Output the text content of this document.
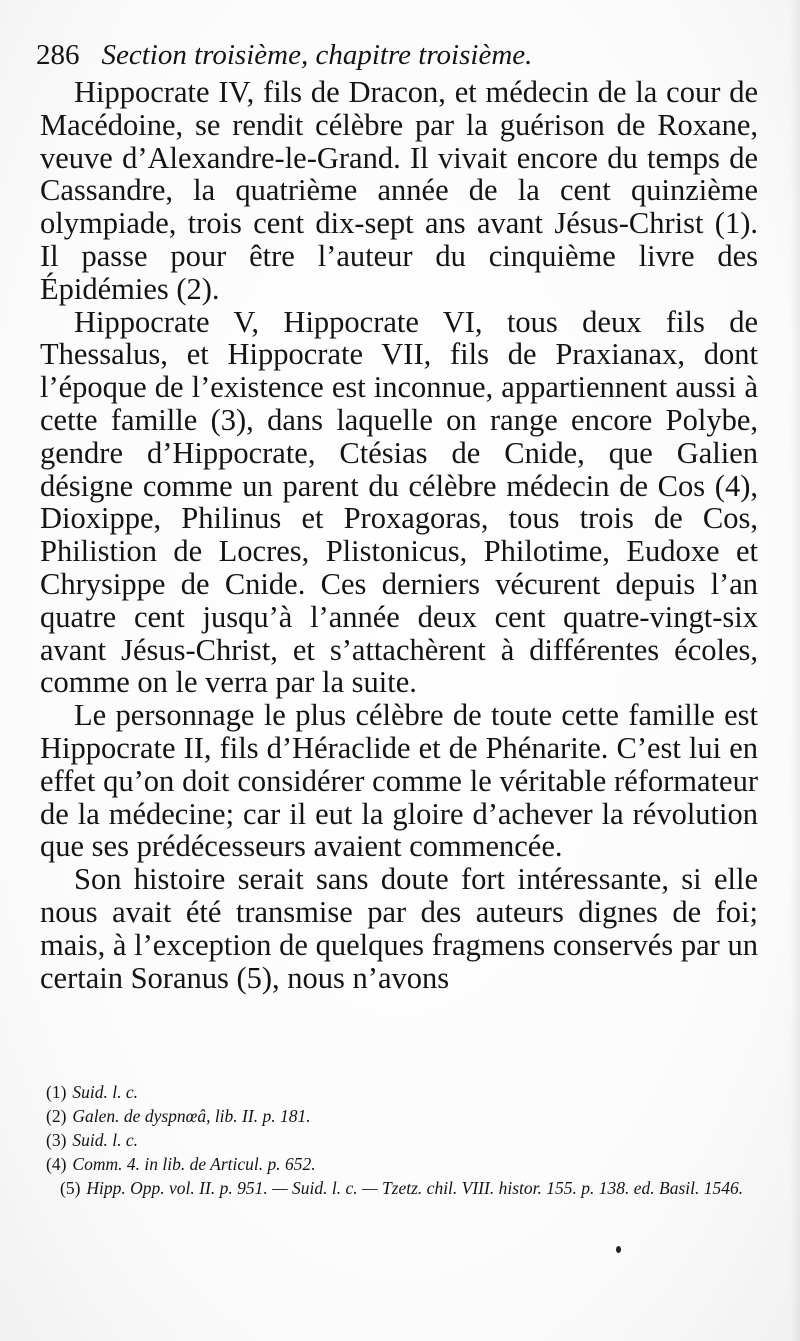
286 Section troisième, chapitre troisième.

Hippocrate IV, fils de Dracon, et médecin de la cour de Macédoine, se rendit célèbre par la guérison de Roxane, veuve d’Alexandre-le-Grand. Il vivait encore du temps de Cassandre, la quatrième année de la cent quinzième olympiade, trois cent dix-sept ans avant Jésus-Christ (1). Il passe pour être l’auteur du cinquième livre des Épidémies (2).

Hippocrate V, Hippocrate VI, tous deux fils de Thessalus, et Hippocrate VII, fils de Praxianax, dont l’époque de l’existence est inconnue, appartiennent aussi à cette famille (3), dans laquelle on range encore Polybe, gendre d’Hippocrate, Ctésias de Cnide, que Galien désigne comme un parent du célèbre médecin de Cos (4), Dioxippe, Philinus et Proxagoras, tous trois de Cos, Philistion de Locres, Plistonicus, Philotime, Eudoxe et Chrysippe de Cnide. Ces derniers vécurent depuis l’an quatre cent jusqu’à l’année deux cent quatre-vingt-six avant Jésus-Christ, et s’attachèrent à différentes écoles, comme on le verra par la suite.

Le personnage le plus célèbre de toute cette famille est Hippocrate II, fils d’Héraclide et de Phénarite. C’est lui en effet qu’on doit considérer comme le véritable réformateur de la médecine; car il eut la gloire d’achever la révolution que ses prédécesseurs avaient commencée.

Son histoire serait sans doute fort intéressante, si elle nous avait été transmise par des auteurs dignes de foi; mais, à l’exception de quelques fragmens conservés par un certain Soranus (5), nous n’avons

(1) Suid. l. c.
(2) Galen. de dyspnœâ, lib. II. p. 181.
(3) Suid. l. c.
(4) Comm. 4. in lib. de Articul. p. 652.
(5) Hipp. Opp. vol. II. p. 951. — Suid. l. c. — Tzetz. chil. VIII. histor. 155. p. 138. ed. Basil. 1546.
